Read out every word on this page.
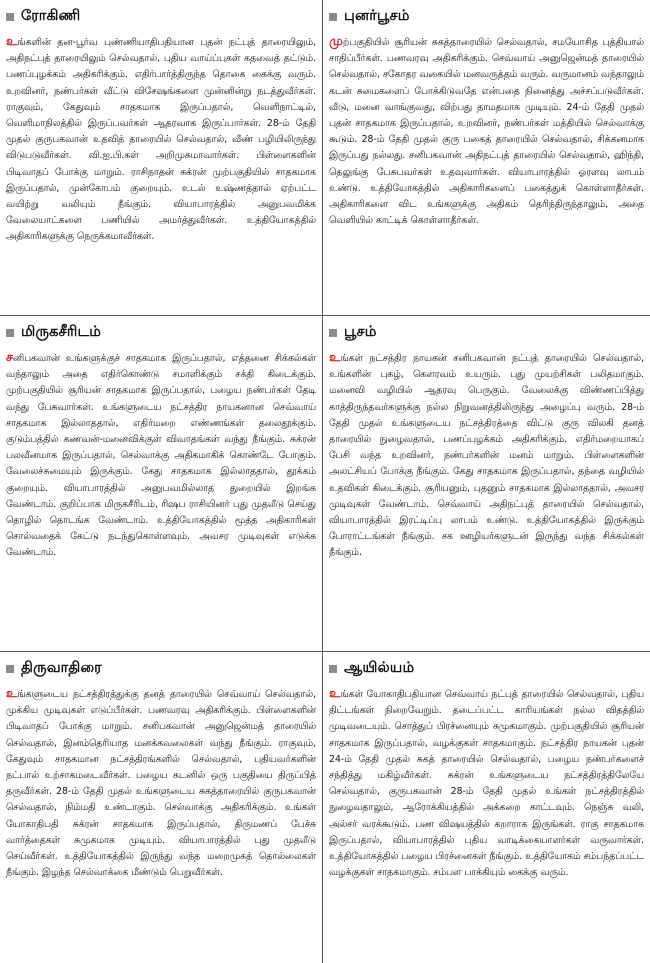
ரோகிணி

உங்களின் தன-பூர்வ புண்ணியாதிபதியான புதன் நட்புத் தாரையிலும், அதிநட்புத் தாரையிலும் செல்வதால், புதிய வாய்ப்புகள் கதவைத் தட்டும். பணப்புழக்கம் அதிகரிக்கும். எதிர்பார்த்திருந்த தொகை கைக்கு வரும். உறவினர், நண்பர்கள் வீட்டு விசேஷங்களை முன்னின்று நடத்துவீர்கள். ராகுவும், கேதுவும் சாதகமாக இருப்பதால், வெளிநாட்டில், வெளிமாநிலத்தில் இருப்பவர்கள் ஆதரவாக இருப்பார்கள். 28-ம் தேதி முதல் குருபகவான் உதவித் தாரையில் செல்வதால், வீண் பழியிலிருந்து விடுபடுவீர்கள். வி.ஐ.பி.கள் அறிமுகமாவார்கள். பிள்ளைகளின் பிடிவாதப் போக்கு மாறும். ராசிநாதன் சுக்ரன் முற்பகுதியில் சாதகமாக இருப்பதால், முன்கோபம் குறையும். உடல் உஷ்ணத்தால் ஏற்பட்ட வயிற்று வலியும் நீங்கும். வியாபாரத்தில் அனுபவமிக்க வேலையாட்களை பணியில் அமர்த்துவீர்கள். உத்தியோகத்தில் அதிகாரிகளுக்கு நெருக்கமாவீர்கள்.

புனர்பூசம்

முற்பகுதியில் சூரியன் சுகத்தாரையில் செல்வதால், சமயோசித புத்தியால் சாதிப்பீர்கள். பணவரவு அதிகரிக்கும். செவ்வாய் அனுஜென்மத் தாரையில் செல்வதால், சகோதர வகையில் மனவருத்தம் வரும். வருமானம் வந்தாலும் கடன் சுமைகளைப் போக்கிடுவதே என்பதை நினைத்து அச்சப்படுவீர்கள். வீடு, மனை வாங்குவது, விற்பது தாமதமாக முடியும். 24-ம் தேதி முதல் புதன் சாதகமாக இருப்பதால், உறவினர், நண்பர்கள் மத்தியில் செல்வாக்கு கூடும். 28-ம் தேதி முதல் குரு பகைத் தாரையில் செல்வதால், சிக்கனமாக இருப்பது நல்லது. சனிபகவான் அதிநட்புத் தாரையில் செல்வதால், ஹிந்தி, தெலுங்கு பேசுபவர்கள் உதவுவார்கள். வியாபாரத்தில் ஓரளவு லாபம் உண்டு. உத்தியோகத்தில் அதிகாரிகளைப் பகைத்துக் கொள்ளாதீர்கள். அதிகாரிகளை விட உங்களுக்கு அதிகம் தெரிந்திருந்தாலும், அதை வெளியில் காட்டிக் கொள்ளாதீர்கள்.

மிருகசீரிடம்

சனிபகவான் உங்களுக்குச் சாதகமாக இருப்பதால், எத்தனை சிக்கல்கள் வந்தாலும் அதை எதிர்கொண்டு சமாளிக்கும் சக்தி கிடைக்கும். முற்பகுதியில் சூரியன் சாதகமாக இருப்பதால், பழைய நண்பர்கள் தேடி வந்து பேசுவார்கள். உங்களுடைய நட்சத்திர நாயகனான செவ்வாய் சாதகமாக இல்லாததால், எதிர்மறை எண்ணங்கள் தலைதூக்கும். குடும்பத்தில் கணவன்-மனைவிக்குள் விவாதங்கள் வந்து நீங்கும். சுக்ரன் பலவீனமாக இருப்பதால், செல்வாக்கு அதிகமாகிக் கொண்டே போகும். வேலைச்சுமையும் இருக்கும். கேது சாதகமாக இல்லாததால், தூக்கம் குறையும். வியாபாரத்தில் அனுபவமில்லாத துறையில் இறங்க வேண்டாம். குறிப்பாக மிருகசீரிடம், ரிஷப ராசியினர் புது முதலீடு செய்து தொழில் தொடங்க வேண்டாம். உத்தியோகத்தில் மூத்த அதிகாரிகள் சொல்வதைக் கேட்டு நடந்துகொள்ளவும். அவசர முடிவுகள் எடுக்க வேண்டாம்.

பூசம்

உங்கள் நட்சத்திர நாயகன் சனிபகவான் நட்புத் தாரையில் செல்வதால், உங்களின் புகழ், கௌரவம் உயரும். புது முயற்சிகள் பலிதமாகும். மனைவி வழியில் ஆதரவு பெருகும். வேலைக்கு விண்ணப்பித்து காத்திருந்தவர்களுக்கு நல்ல நிறுவனத்திலிருந்து அழைப்பு வரும். 28-ம் தேதி முதல் உங்களுடைய நட்சத்திரத்தை விட்டு குரு விலகி தனத் தாரையில் நுழைவதால், பணப்புழக்கம் அதிகரிக்கும். எதிர்மறையாகப் பேசி வந்த உறவினர், நண்பர்களின் மனம் மாறும். பிள்ளைகளின் அலட்சியப் போக்கு நீங்கும். கேது சாதகமாக இருப்பதால், தந்தை வழியில் உதவிகள் கிடைக்கும். சூரியனும், புதனும் சாதகமாக இல்லாததால், அவசர முடிவுகள் வேண்டாம். செவ்வாய் அதிநட்புத் தாரையில் செல்வதால், வியாபாரத்தில் இரட்டிப்பு லாபம் உண்டு. உத்தியோகத்தில் இருக்கும் போராட்டங்கள் நீங்கும். சக ஊழியர்களுடன் இருந்து வந்த சிக்கல்கள் நீங்கும்.

திருவாதிரை

உங்களுடைய நட்சத்திரத்துக்கு தனத் தாரையில் செவ்வாய் செல்வதால், முக்கிய முடிவுகள் எடுப்பீர்கள். பணவரவு அதிகரிக்கும். பிள்ளைகளின் பிடிவாதப் போக்கு மாறும். சனிபகவான் அனுஜென்மத் தாரையில் செல்வதால், இனம்தெரியாத மனக்கவலைகள் வந்து நீங்கும். ராகுவும், கேதுவும் சாதகமான நட்சத்திரங்களில் செல்வதால், புதியவர்களின் நட்பால் உற்சாகமடைவீர்கள். பழைய கடனில் ஒரு பகுதியை திருப்பித் தருவீர்கள். 28-ம் தேதி முதல் உங்களுடைய சுகத்தாரையில் குருபகவான் செல்வதால், நிம்மதி உண்டாகும். செல்வாக்கு அதிகரிக்கும். உங்கள் யோகாதிபதி சுக்ரன் சாதகமாக இருப்பதால், திருமணப் பேச்சு வார்த்தைகள் சுமுகமாக முடியும். வியாபாரத்தில் புது முதலீடு செய்வீர்கள். உத்தியோகத்தில் இருந்து வந்த மறைமுகத் தொல்லைகள் நீங்கும். இழந்த செல்வாக்கை மீண்டும் பெறுவீர்கள்.

ஆயில்யம்

உங்கள் யோகாதிபதியான செவ்வாய் நட்புத் தாரையில் செல்வதால், புதிய திட்டங்கள் நிறைவேறும். தடைப்பட்ட காரியங்கள் நல்ல விதத்தில் முடிவடையும். சொத்துப் பிரச்னையும் சுமுகமாகும். முற்பகுதியில் சூரியன் சாதகமாக இருப்பதால், வழக்குகள் சாதகமாகும். நட்சத்திர நாயகன் புதன் 24-ம் தேதி முதல் சுகத் தாரையில் செல்வதால், பழைய நண்பர்களைச் சந்தித்து மகிழ்வீர்கள். சுக்ரன் உங்களுடைய நட்சத்திரத்திலேயே செல்வதால், குருபகவான் 28-ம் தேதி முதல் உங்கள் நட்சத்திரத்தில் நுழைவதாலும், ஆரோக்கியத்தில் அக்கறை காட்டவும். நெஞ்சு வலி, அல்சர் வரக்கூடும். பண விஷயத்தில் கறாராக இருங்கள். ராகு சாதகமாக இருப்பதால், வியாபாரத்தில் புதிய வாடிக்கையாளர்கள் வருவார்கள். உத்தியோகத்தில் பழைய பிரச்னைகள் நீங்கும். உத்தியோகம் சம்பந்தப்பட்ட வழக்குகள் சாதகமாகும். சம்பள பாக்கியும் கைக்கு வரும்.
